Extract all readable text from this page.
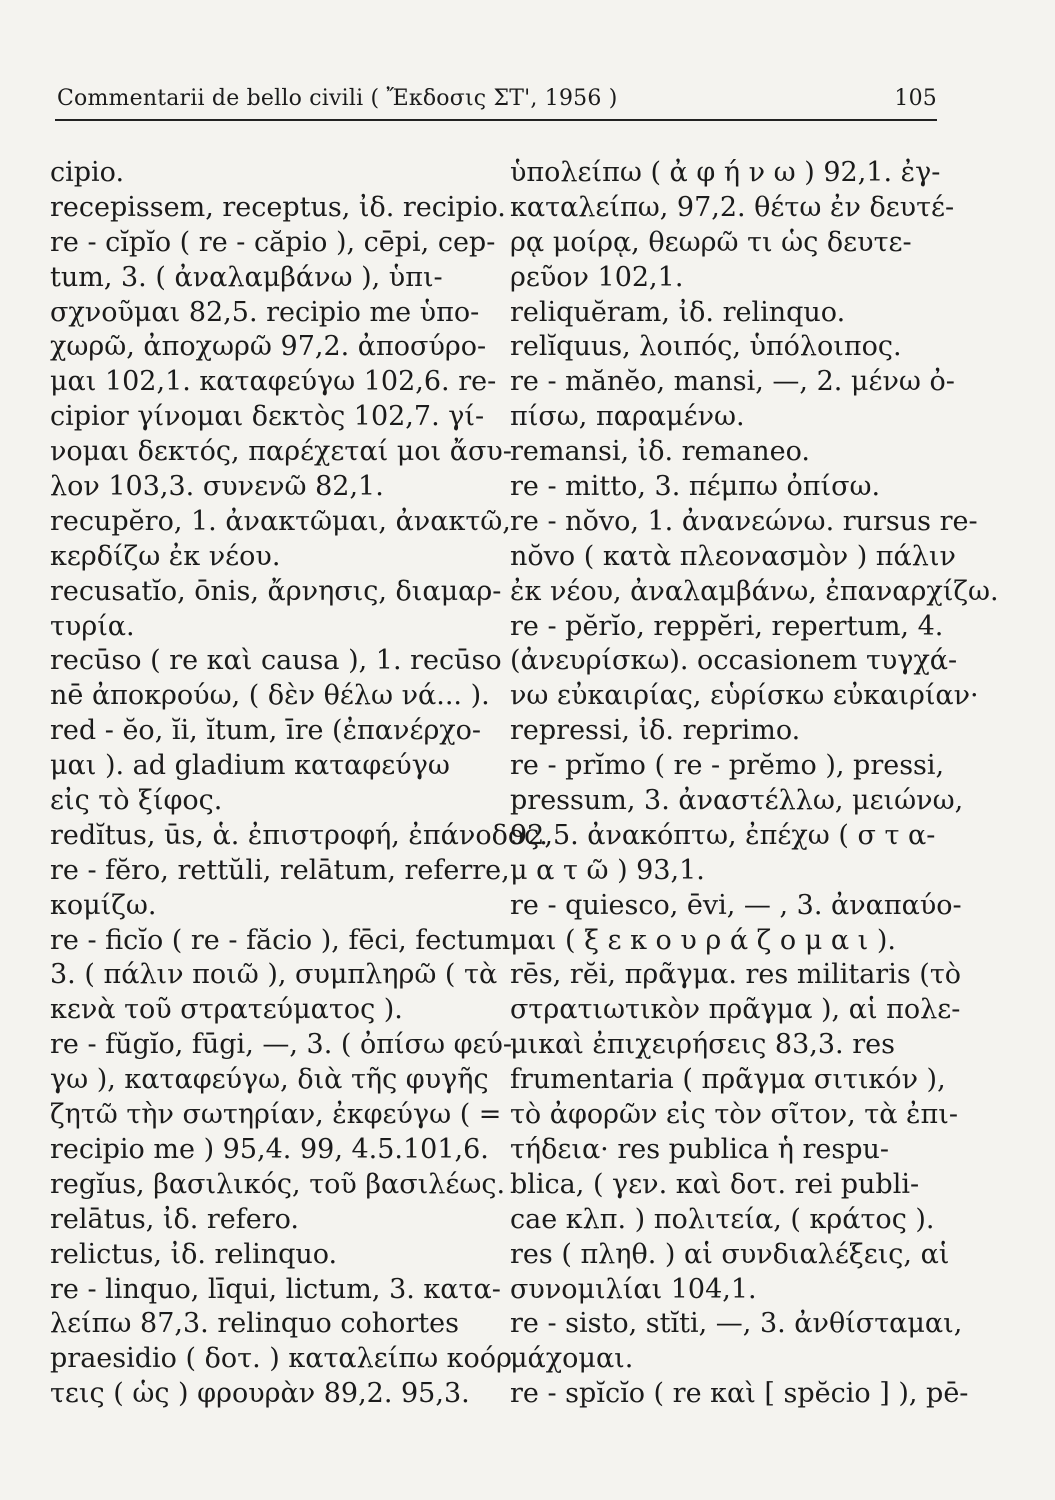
Commentarii de bello civili ( Ἔκδοσις ΣΤ', 1956 )	105
cipio.
recepissem, receptus, ἰδ. recipio.
re - cĭpĭo ( re - căpio ), cēpi, cep-
tum, 3. ( ἀναλαμβάνω ), ὑπι-
σχνοῦμαι 82,5. recipio me ὑπο-
χωρῶ, ἀποχωρῶ 97,2. ἀποσύρο-
μαι 102,1. καταφεύγω 102,6. re-
cipior γίνομαι δεκτὸς 102,7. γί-
νομαι δεκτός, παρέχεταί μοι ἄσυ-
λον 103,3. συνενῶ 82,1.
recupĕro, 1. ἀνακτῶμαι, ἀνακτῶ,
κερδίζω ἐκ νέου.
recusatĭo, ōnis, ἄρνησις, διαμαρ-
τυρία.
recūso ( re καὶ causa ), 1. recūso
nē ἀποκρούω, ( δὲν θέλω νά... ).
red - ĕo, ĭi, ĭtum, īre (ἐπανέρχο-
μαι ). ad gladium καταφεύγω
εἰς τὸ ξίφος.
redĭtus, ūs, ἁ. ἐπιστροφή, ἐπάνοδος.
re - fĕro, rettŭli, relātum, referre,
κομίζω.
re - ficĭo ( re - făcio ), fēci, fectum
3. ( πάλιν ποιῶ ), συμπληρῶ ( τὰ
κενὰ τοῦ στρατεύματος ).
re - fŭgĭo, fūgi, —, 3. ( ὀπίσω φεύ-
γω ), καταφεύγω, διὰ τῆς φυγῆς
ζητῶ τὴν σωτηρίαν, ἐκφεύγω ( =
recipio me ) 95,4. 99, 4.5.101,6.
regĭus, βασιλικός, τοῦ βασιλέως.
relātus, ἰδ. refero.
relictus, ἰδ. relinquo.
re - linquo, līqui, lictum, 3. κατα-
λείπω 87,3. relinquo cohortes
praesidio ( δοτ. ) καταλείπω κοόρ
τεις ( ὡς ) φρουρὰν 89,2. 95,3.
ὑπολείπω ( ἀ φ ή ν ω ) 92,1. ἐγ-
καταλείπω, 97,2. θέτω ἐν δευτέ-
ρᾳ μοίρᾳ, θεωρῶ τι ὡς δευτε-
ρεῦον 102,1.
reliquĕram, ἰδ. relinquo.
relĭquus, λοιπός, ὑπόλοιπος.
re - mănĕo, mansi, —, 2. μένω ὀ-
πίσω, παραμένω.
remansi, ἰδ. remaneo.
re - mitto, 3. πέμπω ὀπίσω.
re - nŏvo, 1. ἀνανεώνω. rursus re-
nŏvo ( κατὰ πλεονασμὸν ) πάλιν
ἐκ νέου, ἀναλαμβάνω, ἐπαναρχίζω.
re - pĕrĭo, reppĕri, repertum, 4.
(ἀνευρίσκω). occasionem τυγχά-
νω εὐκαιρίας, εὑρίσκω εὐκαιρίαν·
repressi, ἰδ. reprimo.
re - prĭmo ( re - prĕmo ), pressi,
pressum, 3. ἀναστέλλω, μειώνω,
92,5. ἀνακόπτω, ἐπέχω ( σ τ α-
μ α τ ῶ ) 93,1.
re - quiesco, ēvi, — , 3. ἀναπαύο-
μαι ( ξ ε κ ο υ ρ ά ζ ο μ α ι ).
rēs, rĕi, πρᾶγμα. res militaris (τὸ
στρατιωτικὸν πρᾶγμα ), αἱ πολε-
μικαὶ ἐπιχειρήσεις 83,3. res
frumentaria ( πρᾶγμα σιτικόν ),
τὸ ἀφορῶν εἰς τὸν σῖτον, τὰ ἐπι-
τήδεια· res publica ἡ respu-
blica, ( γεν. καὶ δοτ. rei publi-
cae κλπ. ) πολιτεία, ( κράτος ).
res ( πληθ. ) αἱ συνδιαλέξεις, αἱ
συνομιλίαι 104,1.
re - sisto, stĭti, —, 3. ἀνθίσταμαι,
μάχομαι.
re - spĭcĭo ( re καὶ [ spĕcio ] ), pē-
